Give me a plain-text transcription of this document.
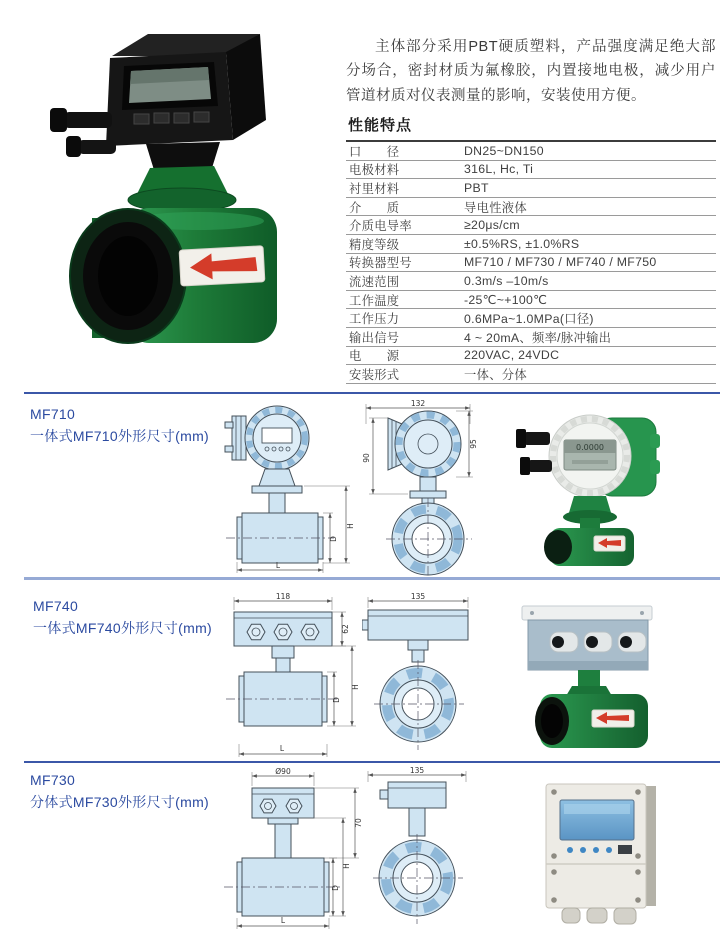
主体部分采用PBT硬质塑料，产品强度满足绝大部分场合，密封材质为氟橡胶，内置接地电极，减少用户管道材质对仪表测量的影响，安装使用方便。

性能特点
口　　径	DN25~DN150
电极材料	316L, Hc, Ti
衬里材料	PBT
介　　质	导电性液体
介质电导率	≥20μs/cm
精度等级	±0.5%RS, ±1.0%RS
转换器型号	MF710 / MF730 / MF740 / MF750
流速范围	0.3m/s –10m/s
工作温度	-25℃~+100℃
工作压力	0.6MPa~1.0MPa(口径)
输出信号	4 ~ 20mA、频率/脉冲输出
电　　源	220VAC, 24VDC
安装形式	一体、分体
MF710
一体式MF710外形尺寸(mm)
L
H
D
132
95
90
0.0000
MF740
一体式MF740外形尺寸(mm)
118
62
L
H
D
135
MF730
分体式MF730外形尺寸(mm)
Ø90
70
L
H
D
135
